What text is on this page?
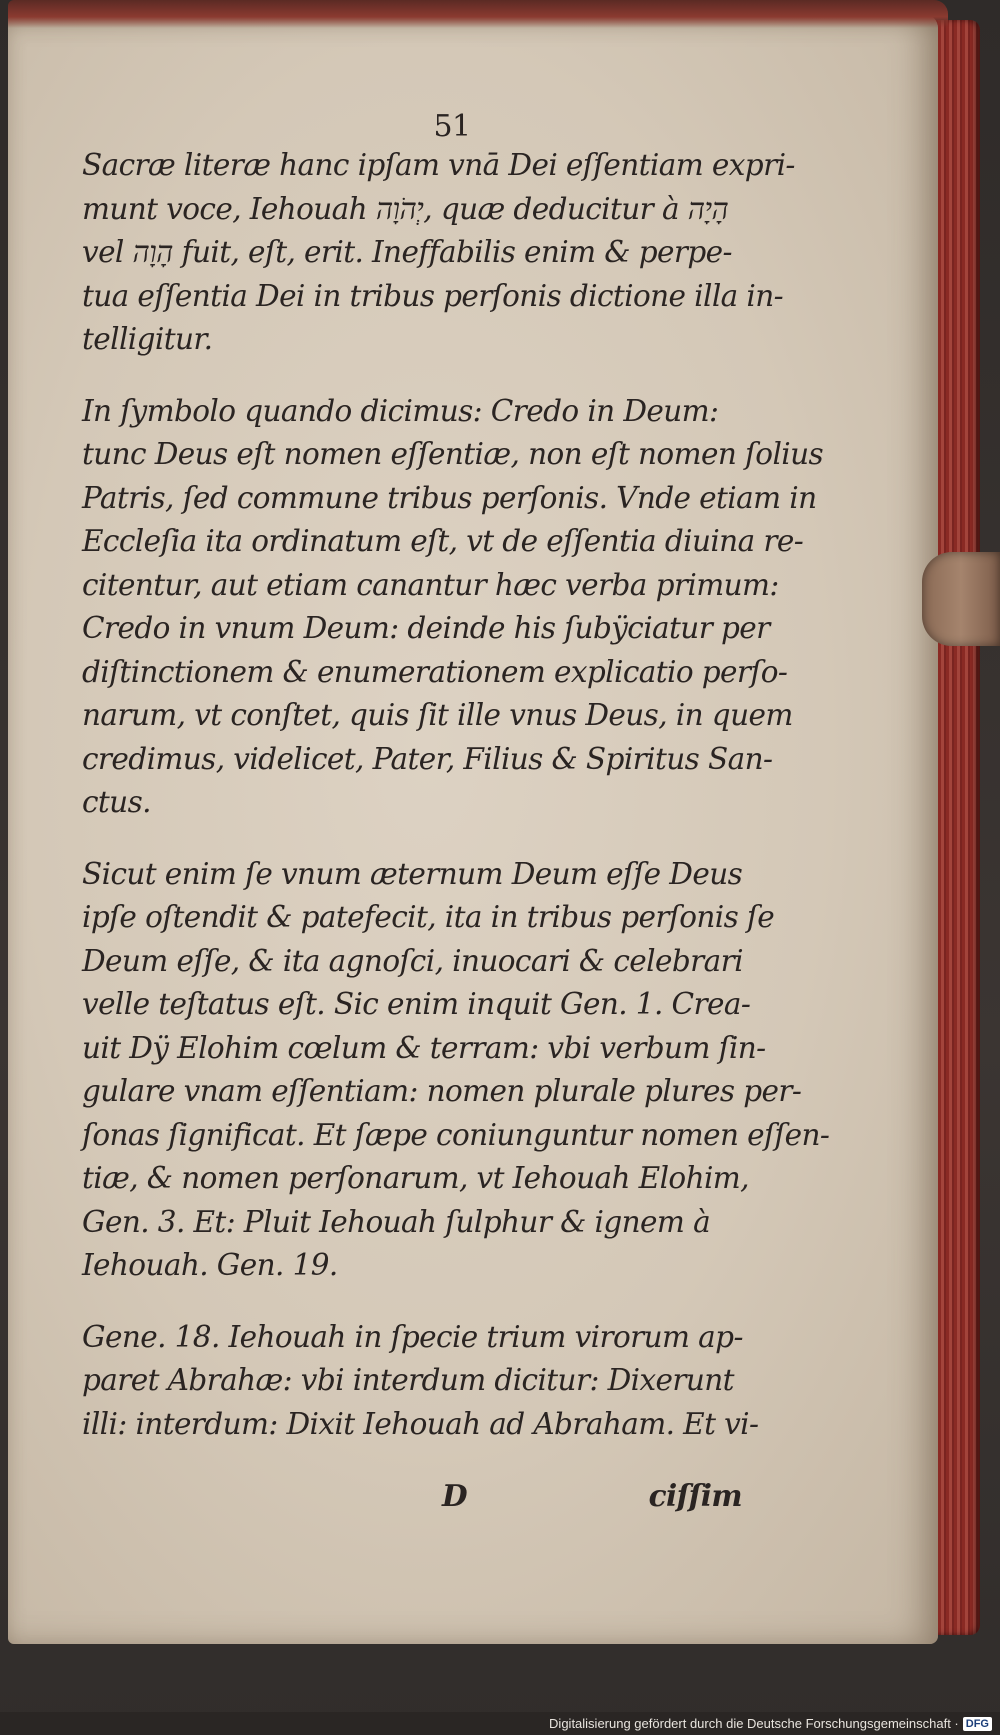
51
Sacræ literæ hanc ipſam vnā Dei eſſentiam expri-
munt voce, Iehouah יְהֹוָה, quæ deducitur à הָיָה
vel הָוָה fuit, eſt, erit. Ineffabilis enim & perpe-
tua eſſentia Dei in tribus perſonis dictione illa in-
telligitur.
In ſymbolo quando dicimus: Credo in Deum:
tunc Deus eſt nomen eſſentiæ, non eſt nomen ſolius
Patris, ſed commune tribus perſonis. Vnde etiam in
Eccleſia ita ordinatum eſt, vt de eſſentia diuina re-
citentur, aut etiam canantur hæc verba primum:
Credo in vnum Deum: deinde his ſubÿciatur per
diſtinctionem & enumerationem explicatio perſo-
narum, vt conſtet, quis ſit ille vnus Deus, in quem
credimus, videlicet, Pater, Filius & Spiritus San-
ctus.
Sicut enim ſe vnum æternum Deum eſſe Deus
ipſe oſtendit & patefecit, ita in tribus perſonis ſe
Deum eſſe, & ita agnoſci, inuocari & celebrari
velle teſtatus eſt. Sic enim inquit Gen. 1. Crea-
uit Dÿ Elohim cœlum & terram: vbi verbum ſin-
gulare vnam eſſentiam: nomen plurale plures per-
ſonas ſignificat. Et ſæpe coniunguntur nomen eſſen-
tiæ, & nomen perſonarum, vt Iehouah Elohim,
Gen. 3. Et: Pluit Iehouah ſulphur & ignem à
Iehouah. Gen. 19.
Gene. 18. Iehouah in ſpecie trium virorum ap-
paret Abrahæ: vbi interdum dicitur: Dixerunt
illi: interdum: Dixit Iehouah ad Abraham. Et vi-
D	ciſſim
Digitalisierung gefördert durch die Deutsche Forschungsgemeinschaft · DFG
